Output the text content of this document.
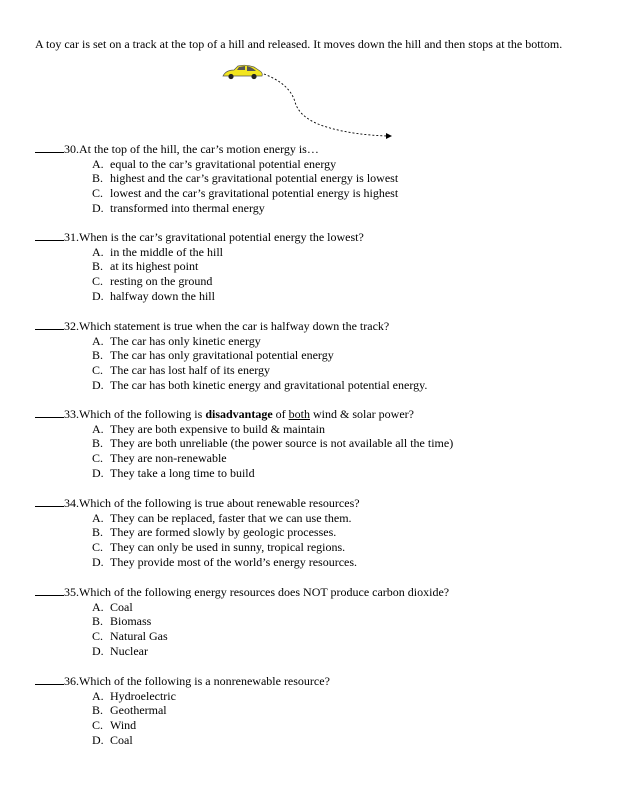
A toy car is set on a track at the top of a hill and released. It moves down the hill and then stops at the bottom.
30.At the top of the hill, the car’s motion energy is…
A. equal to the car’s gravitational potential energy
B. highest and the car’s gravitational potential energy is lowest
C. lowest and the car’s gravitational potential energy is highest
D. transformed into thermal energy
31.When is the car’s gravitational potential energy the lowest?
A. in the middle of the hill
B. at its highest point
C. resting on the ground
D. halfway down the hill
32.Which statement is true when the car is halfway down the track?
A. The car has only kinetic energy
B. The car has only gravitational potential energy
C. The car has lost half of its energy
D. The car has both kinetic energy and gravitational potential energy.
33.Which of the following is disadvantage of both wind & solar power?
A. They are both expensive to build & maintain
B. They are both unreliable (the power source is not available all the time)
C. They are non-renewable
D. They take a long time to build
34.Which of the following is true about renewable resources?
A. They can be replaced, faster that we can use them.
B. They are formed slowly by geologic processes.
C. They can only be used in sunny, tropical regions.
D. They provide most of the world’s energy resources.
35.Which of the following energy resources does NOT produce carbon dioxide?
A. Coal
B. Biomass
C. Natural Gas
D. Nuclear
36.Which of the following is a nonrenewable resource?
A. Hydroelectric
B. Geothermal
C. Wind
D. Coal
